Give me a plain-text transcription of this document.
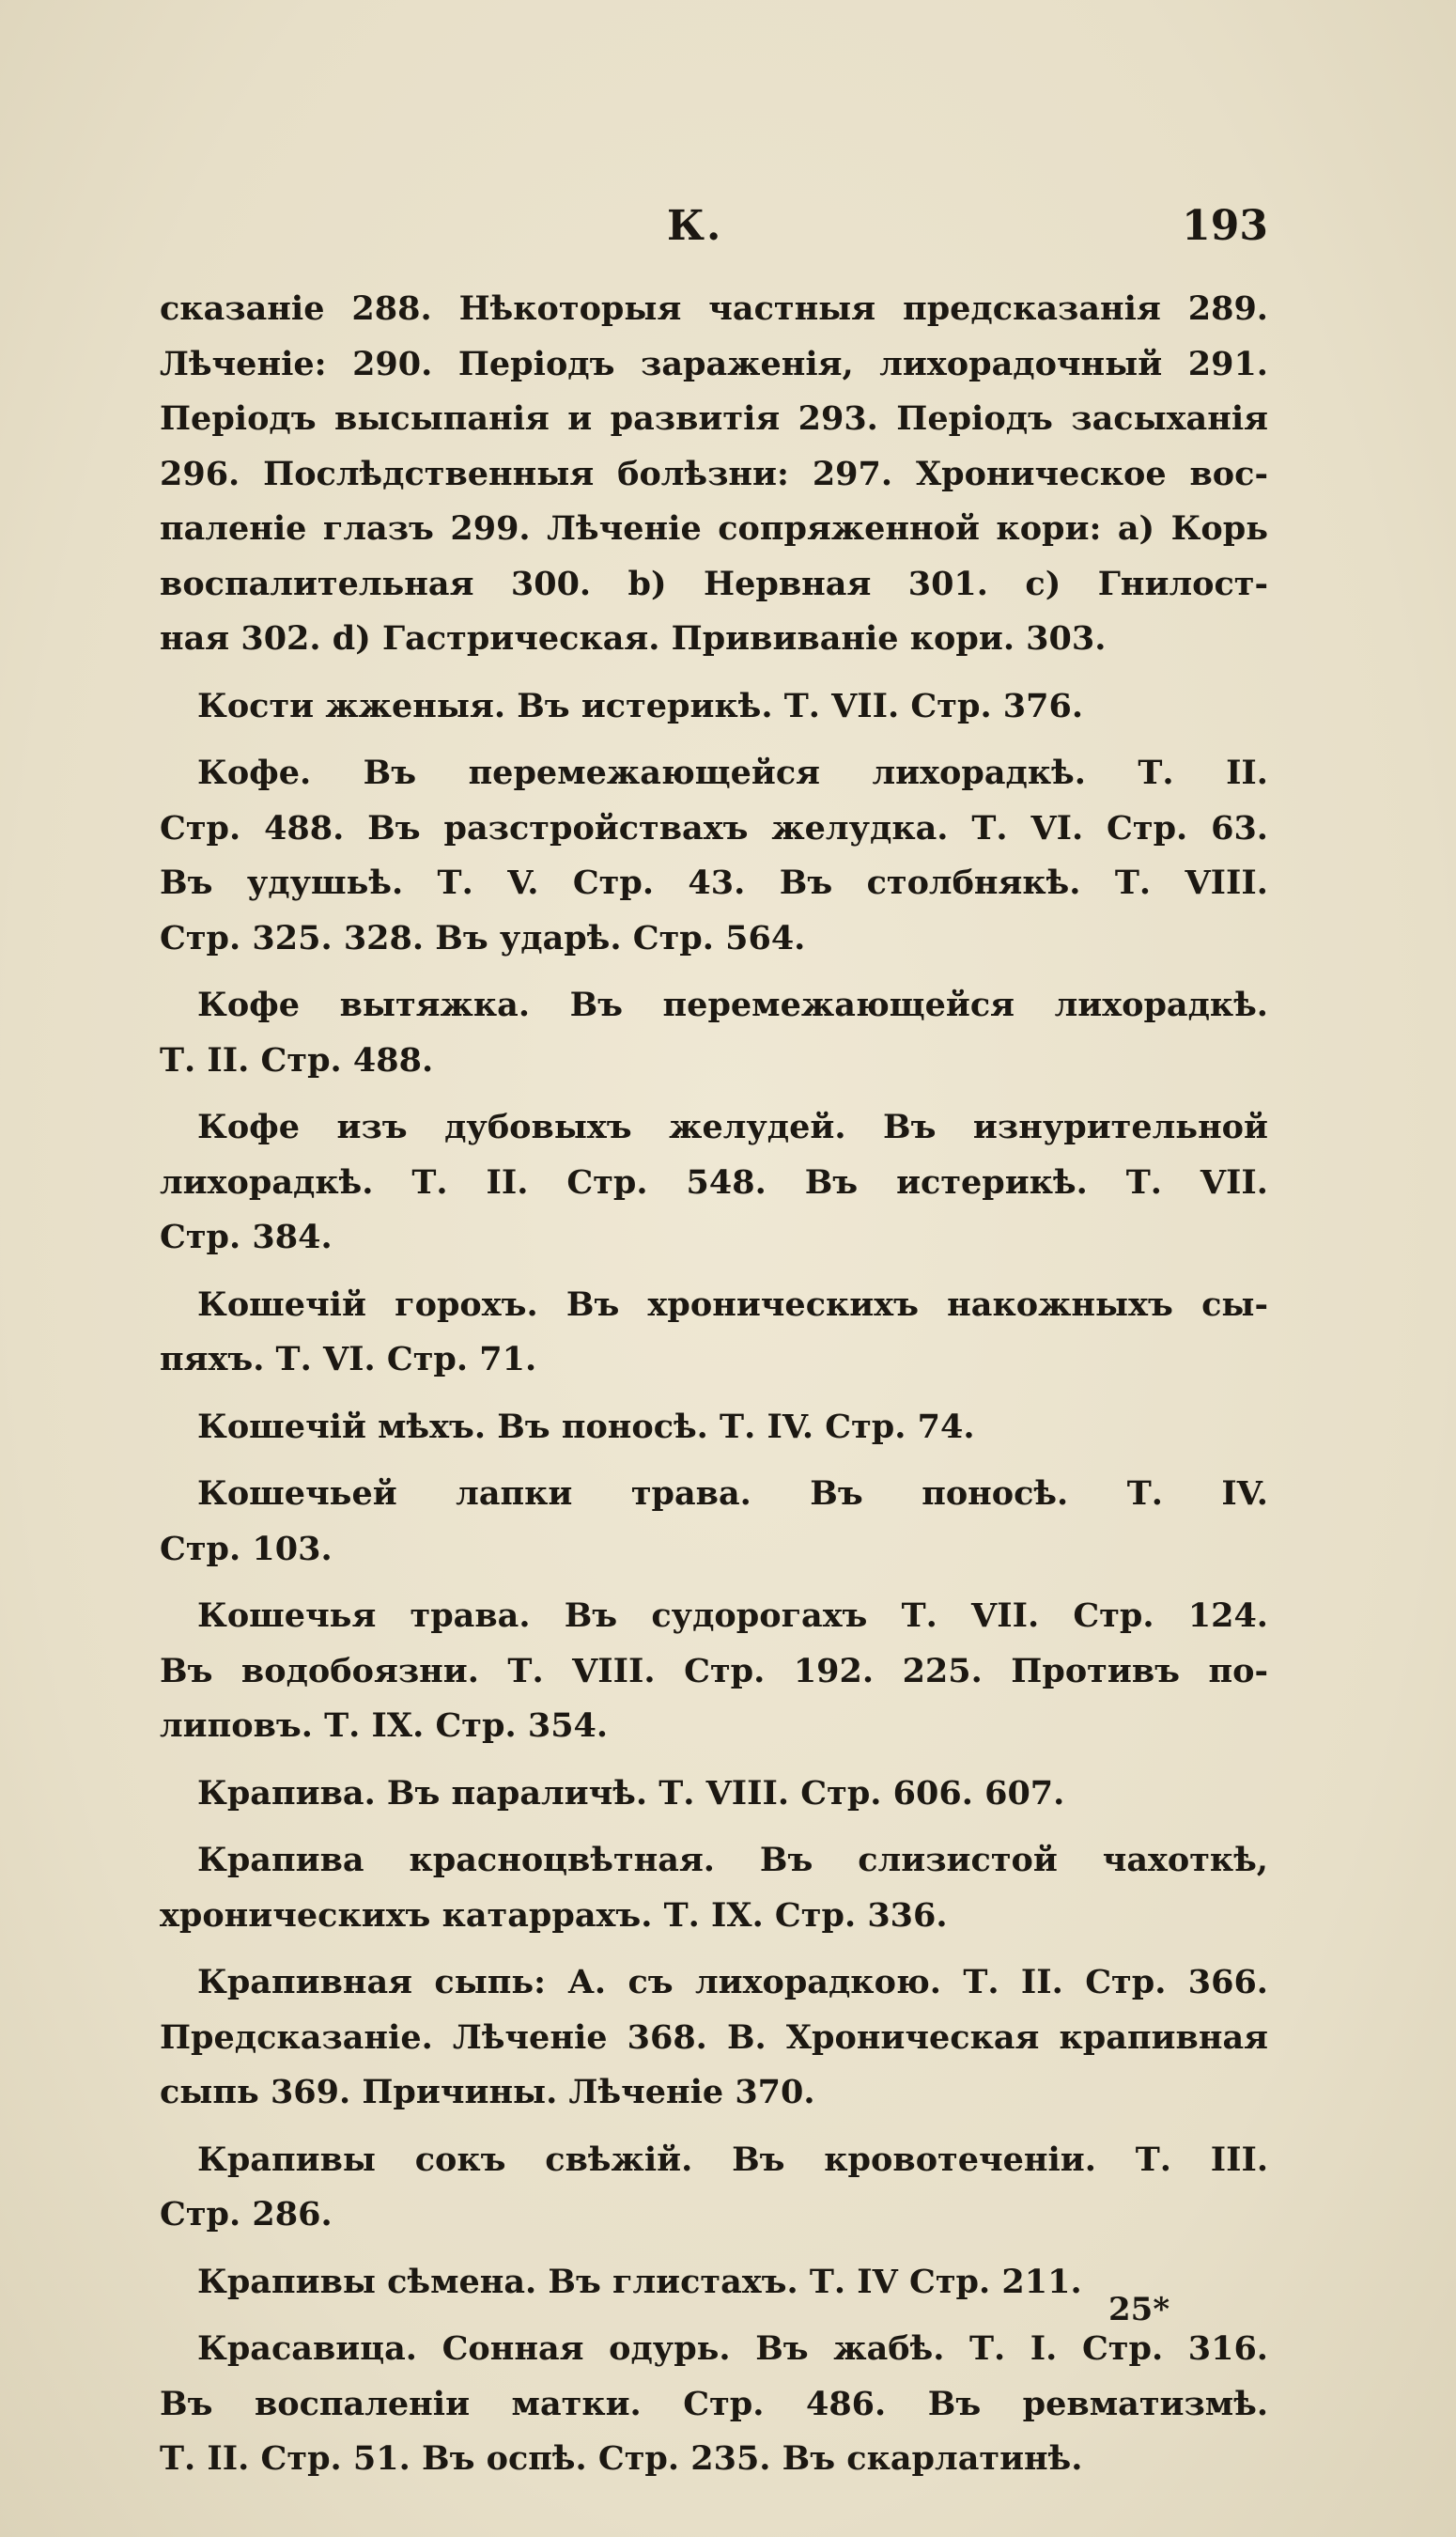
К.	193
сказаніе 288. Нѣкоторыя частныя предсказанія 289.
Лѣченіе: 290. Періодъ зараженія, лихорадочный 291.
Періодъ высыпанія и развитія 293. Періодъ засыханія
296. Послѣдственныя болѣзни: 297. Хроническое вос-
паленіе глазъ 299. Лѣченіе сопряженной кори: a) Корь
воспалительная 300. b) Нервная 301. c) Гнилост-
ная 302. d) Гастрическая. Прививаніе кори. 303.
Кости жженыя. Въ истерикѣ. Т. VII. Стр. 376.
Кофе. Въ перемежающейся лихорадкѣ. Т. II.
Стр. 488. Въ разстройствахъ желудка. Т. VI. Стр. 63.
Въ удушьѣ. Т. V. Стр. 43. Въ столбнякѣ. Т. VIII.
Стр. 325. 328. Въ ударѣ. Стр. 564.
Кофе вытяжка. Въ перемежающейся лихорадкѣ.
Т. II. Стр. 488.
Кофе изъ дубовыхъ желудей. Въ изнурительной
лихорадкѣ. Т. II. Стр. 548. Въ истерикѣ. Т. VII.
Стр. 384.
Кошечій горохъ. Въ хроническихъ накожныхъ сы-
пяхъ. Т. VI. Стр. 71.
Кошечій мѣхъ. Въ поносѣ. Т. IV. Стр. 74.
Кошечьей лапки трава. Въ поносѣ. Т. IV.
Стр. 103.
Кошечья трава. Въ судорогахъ Т. VII. Стр. 124.
Въ водобоязни. Т. VIII. Стр. 192. 225. Противъ по-
липовъ. Т. IX. Стр. 354.
Крапива. Въ параличѣ. Т. VIII. Стр. 606. 607.
Крапива красноцвѣтная. Въ слизистой чахоткѣ,
хроническихъ катаррахъ. Т. IX. Стр. 336.
Крапивная сыпь: А. съ лихорадкою. Т. II. Стр. 366.
Предсказаніе. Лѣченіе 368. В. Хроническая крапивная
сыпь 369. Причины. Лѣченіе 370.
Крапивы сокъ свѣжій. Въ кровотеченіи. Т. III.
Стр. 286.
Крапивы сѣмена. Въ глистахъ. Т. IV Стр. 211.
Красавица. Сонная одурь. Въ жабѣ. Т. I. Стр. 316.
Въ воспаленіи матки. Стр. 486. Въ ревматизмѣ.
Т. II. Стр. 51. Въ оспѣ. Стр. 235. Въ скарлатинѣ.
25*
